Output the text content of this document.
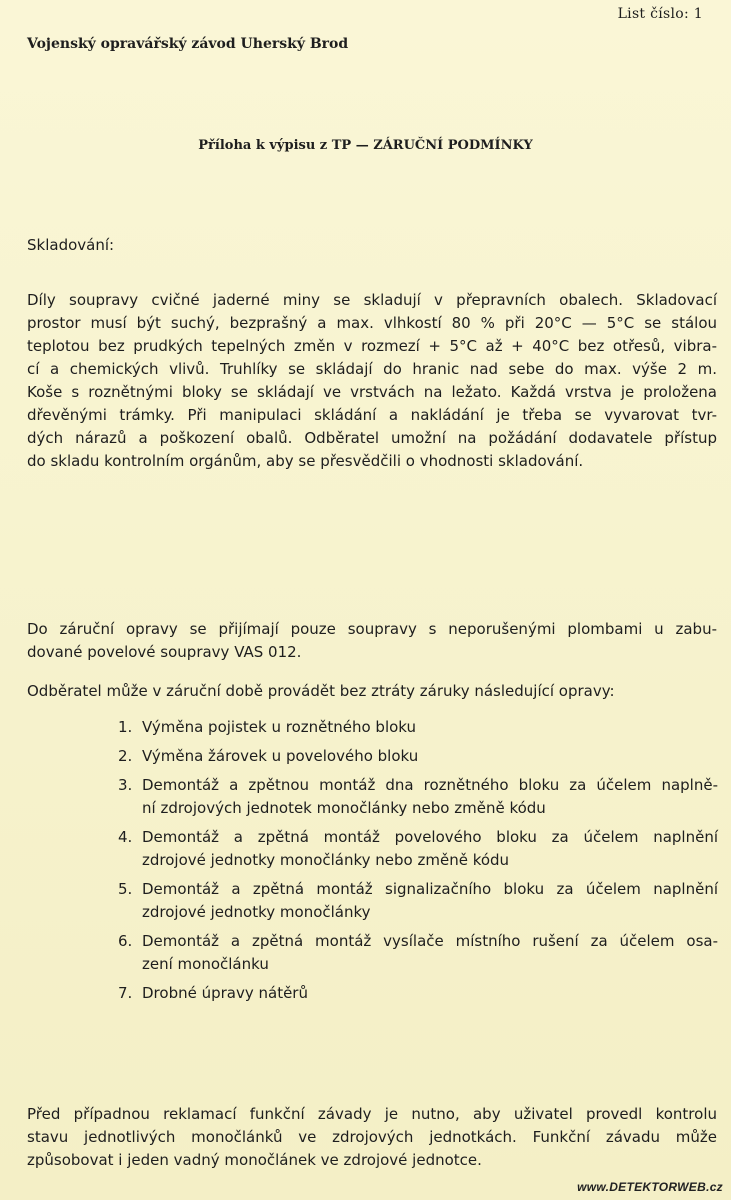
List číslo: 1
Vojenský opravářský závod Uherský Brod
Příloha k výpisu z TP — ZÁRUČNÍ PODMÍNKY
Skladování:
Díly soupravy cvičné jaderné miny se skladují v přepravních obalech. Skladovací
prostor musí být suchý, bezprašný a max. vlhkostí 80 % při 20°C — 5°C se stálou
teplotou bez prudkých tepelných změn v rozmezí + 5°C až + 40°C bez otřesů, vibra-
cí a chemických vlivů. Truhlíky se skládají do hranic nad sebe do max. výše 2 m.
Koše s roznětnými bloky se skládají ve vrstvách na ležato. Každá vrstva je proložena
dřevěnými trámky. Při manipulaci skládání a nakládání je třeba se vyvarovat tvr-
dých nárazů a poškození obalů. Odběratel umožní na požádání dodavatele přístup
do skladu kontrolním orgánům, aby se přesvědčili o vhodnosti skladování.
Do záruční opravy se přijímají pouze soupravy s neporušenými plombami u zabu-
dované povelové soupravy VAS 012.
Odběratel může v záruční době provádět bez ztráty záruky následující opravy:
1. Výměna pojistek u roznětného bloku
2. Výměna žárovek u povelového bloku
3. Demontáž a zpětnou montáž dna roznětného bloku za účelem naplně-
ní zdrojových jednotek monočlánky nebo změně kódu
4. Demontáž a zpětná montáž povelového bloku za účelem naplnění
zdrojové jednotky monočlánky nebo změně kódu
5. Demontáž a zpětná montáž signalizačního bloku za účelem naplnění
zdrojové jednotky monočlánky
6. Demontáž a zpětná montáž vysílače místního rušení za účelem osa-
zení monočlánku
7. Drobné úpravy nátěrů
Před případnou reklamací funkční závady je nutno, aby uživatel provedl kontrolu
stavu jednotlivých monočlánků ve zdrojových jednotkách. Funkční závadu může
způsobovat i jeden vadný monočlánek ve zdrojové jednotce.
www.DETEKTORWEB.cz
